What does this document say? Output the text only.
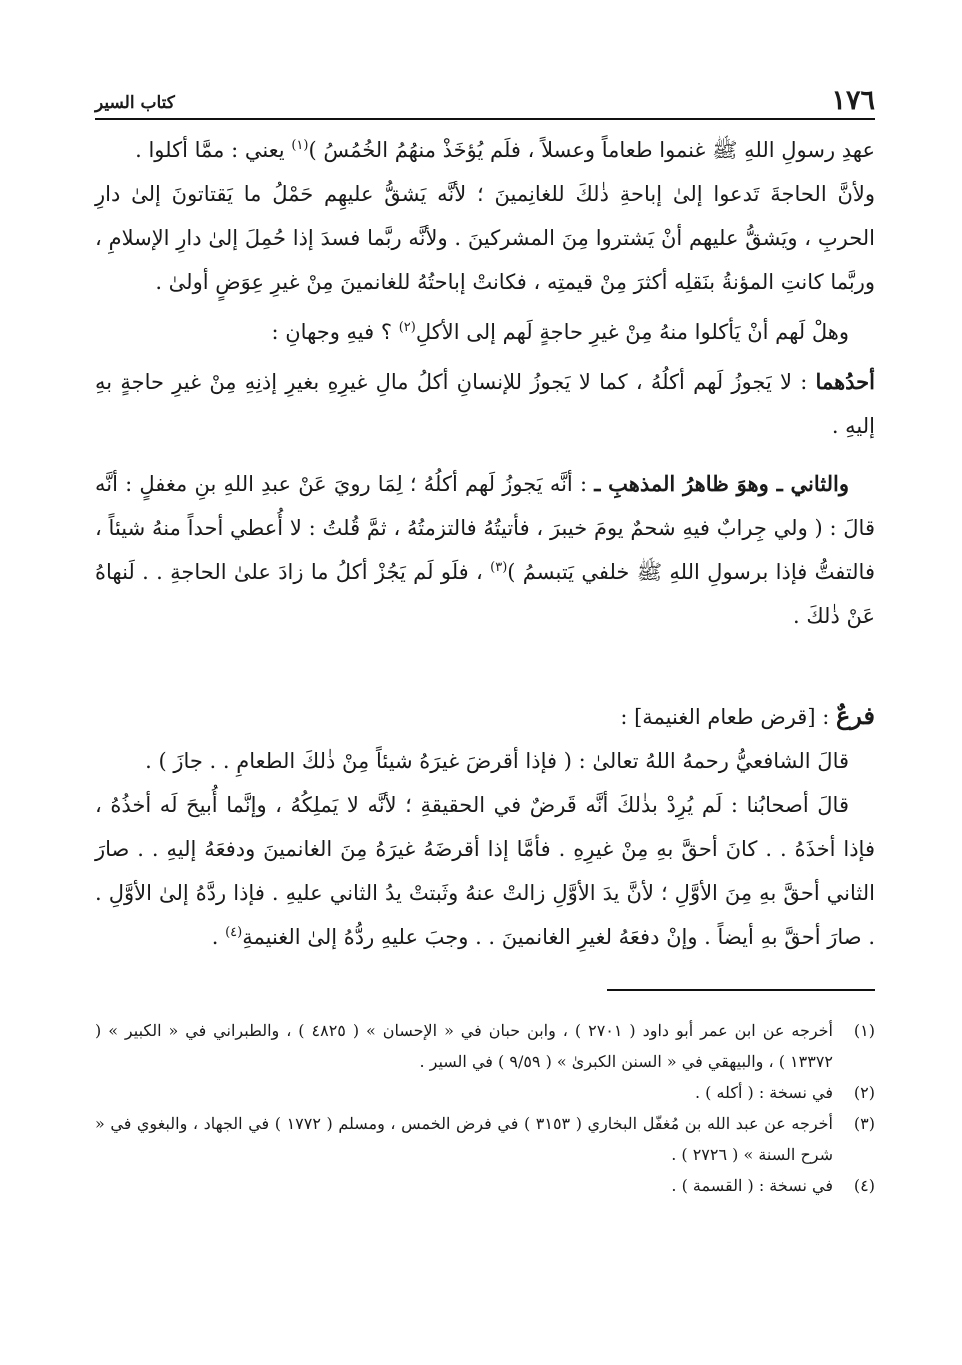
١٧٦
كتاب السير

عهدِ رسولِ اللهِ ﷺ غنموا طعاماً وعسلاً ، فلَم يُؤخَذْ منهُمُ الخُمُسُ )$^{(١)}$ يعني : ممَّا أكلوا .

ولأنَّ الحاجةَ تَدعوا إلىٰ إباحةِ ذٰلكَ للغانِمينَ ؛ لأنَّه يَشقُّ عليهِم حَمْلُ ما يَقتاتونَ إلىٰ دارِ الحربِ ، ويَشقُّ عليهم أنْ يَشتروا مِنَ المشركينَ . ولأنَّه ربَّما فسدَ إذا حُمِلَ إلىٰ دارِ الإسلامِ ، وربَّما كانتِ المؤنةُ بنَقلِه أكثرَ مِنْ قيمتِه ، فكانتْ إباحتُهُ للغانمينَ مِنْ غيرِ عِوَضٍ أولىٰ .

وهلْ لَهم أنْ يَأكلوا منهُ مِنْ غيرِ حاجةٍ لَهم إلى الأكلِ$^{(٢)}$ ؟ فيهِ وجهانِ :

أحدُهما : لا يَجوزُ لَهم أكلُهُ ، كما لا يَجوزُ للإنسانِ أكلُ مالِ غيرِهِ بغيرِ إذنِهِ مِنْ غيرِ حاجةٍ بهِ إليهِ .

والثاني ـ وهوَ ظاهرُ المذهبِ ـ : أنَّه يَجوزُ لَهم أكلُهُ ؛ لِمَا رويَ عَنْ عبدِ اللهِ بنِ مغفلٍ : أنَّه قالَ : ( ولي جِرابٌ فيهِ شحمٌ يومَ خيبرَ ، فأتيتُهُ فالتزمتُهُ ، ثمَّ قُلتُ : لا أُعطي أحداً منهُ شيئاً ، فالتفتُّ فإذا برسولِ اللهِ ﷺ خلفي يَتبسمُ )$^{(٣)}$ ، فلَو لَم يَجُزْ أكلُ ما زادَ علىٰ الحاجةِ . . لَنهاهُ عَنْ ذٰلكَ .

فرعٌ : [قرض طعام الغنيمة] :

قالَ الشافعيُّ رحمهُ اللهُ تعالىٰ : ( فإذا أقرضَ غيرَهُ شيئاً مِنْ ذٰلكَ الطعامِ . . جازَ ) .

قالَ أصحابُنا : لَم يُرِدْ بذٰلكَ أنَّه قَرضٌ في الحقيقةِ ؛ لأنَّه لا يَملِكُهُ ، وإنَّما أُبيحَ لَه أخذُهُ ، فإذا أخذَهُ . . كانَ أحقَّ بهِ مِنْ غيرِهِ . فأمَّا إذا أقرضَهُ غيرَهُ مِنَ الغانمينَ ودفعَهُ إليهِ . . صارَ الثاني أحقَّ بهِ مِنَ الأوَّلِ ؛ لأنَّ يدَ الأوَّلِ زالتْ عنهُ وثَبتتْ يدُ الثاني عليهِ . فإذا ردَّهُ إلىٰ الأوَّلِ . . صارَ أحقَّ بهِ أيضاً . وإنْ دفعَهُ لغيرِ الغانمينَ . . وجبَ عليهِ ردُّهُ إلىٰ الغنيمةِ$^{(٤)}$ .

(١)
أخرجه عن ابن عمر أبو داود ( ٢٧٠١ ) ، وابن حبان في « الإحسان » ( ٤٨٢٥ ) ، والطبراني في « الكبير » ( ١٣٣٧٢ ) ، والبيهقي في « السنن الكبرىٰ » ( ٩/٥٩ ) في السير .
(٢)
في نسخة : ( أكله ) .
(٣)
أخرجه عن عبد الله بن مُغفّل البخاري ( ٣١٥٣ ) في فرض الخمس ، ومسلم ( ١٧٧٢ ) في الجهاد ، والبغوي في « شرح السنة » ( ٢٧٢٦ ) .
(٤)
في نسخة : ( القسمة ) .
